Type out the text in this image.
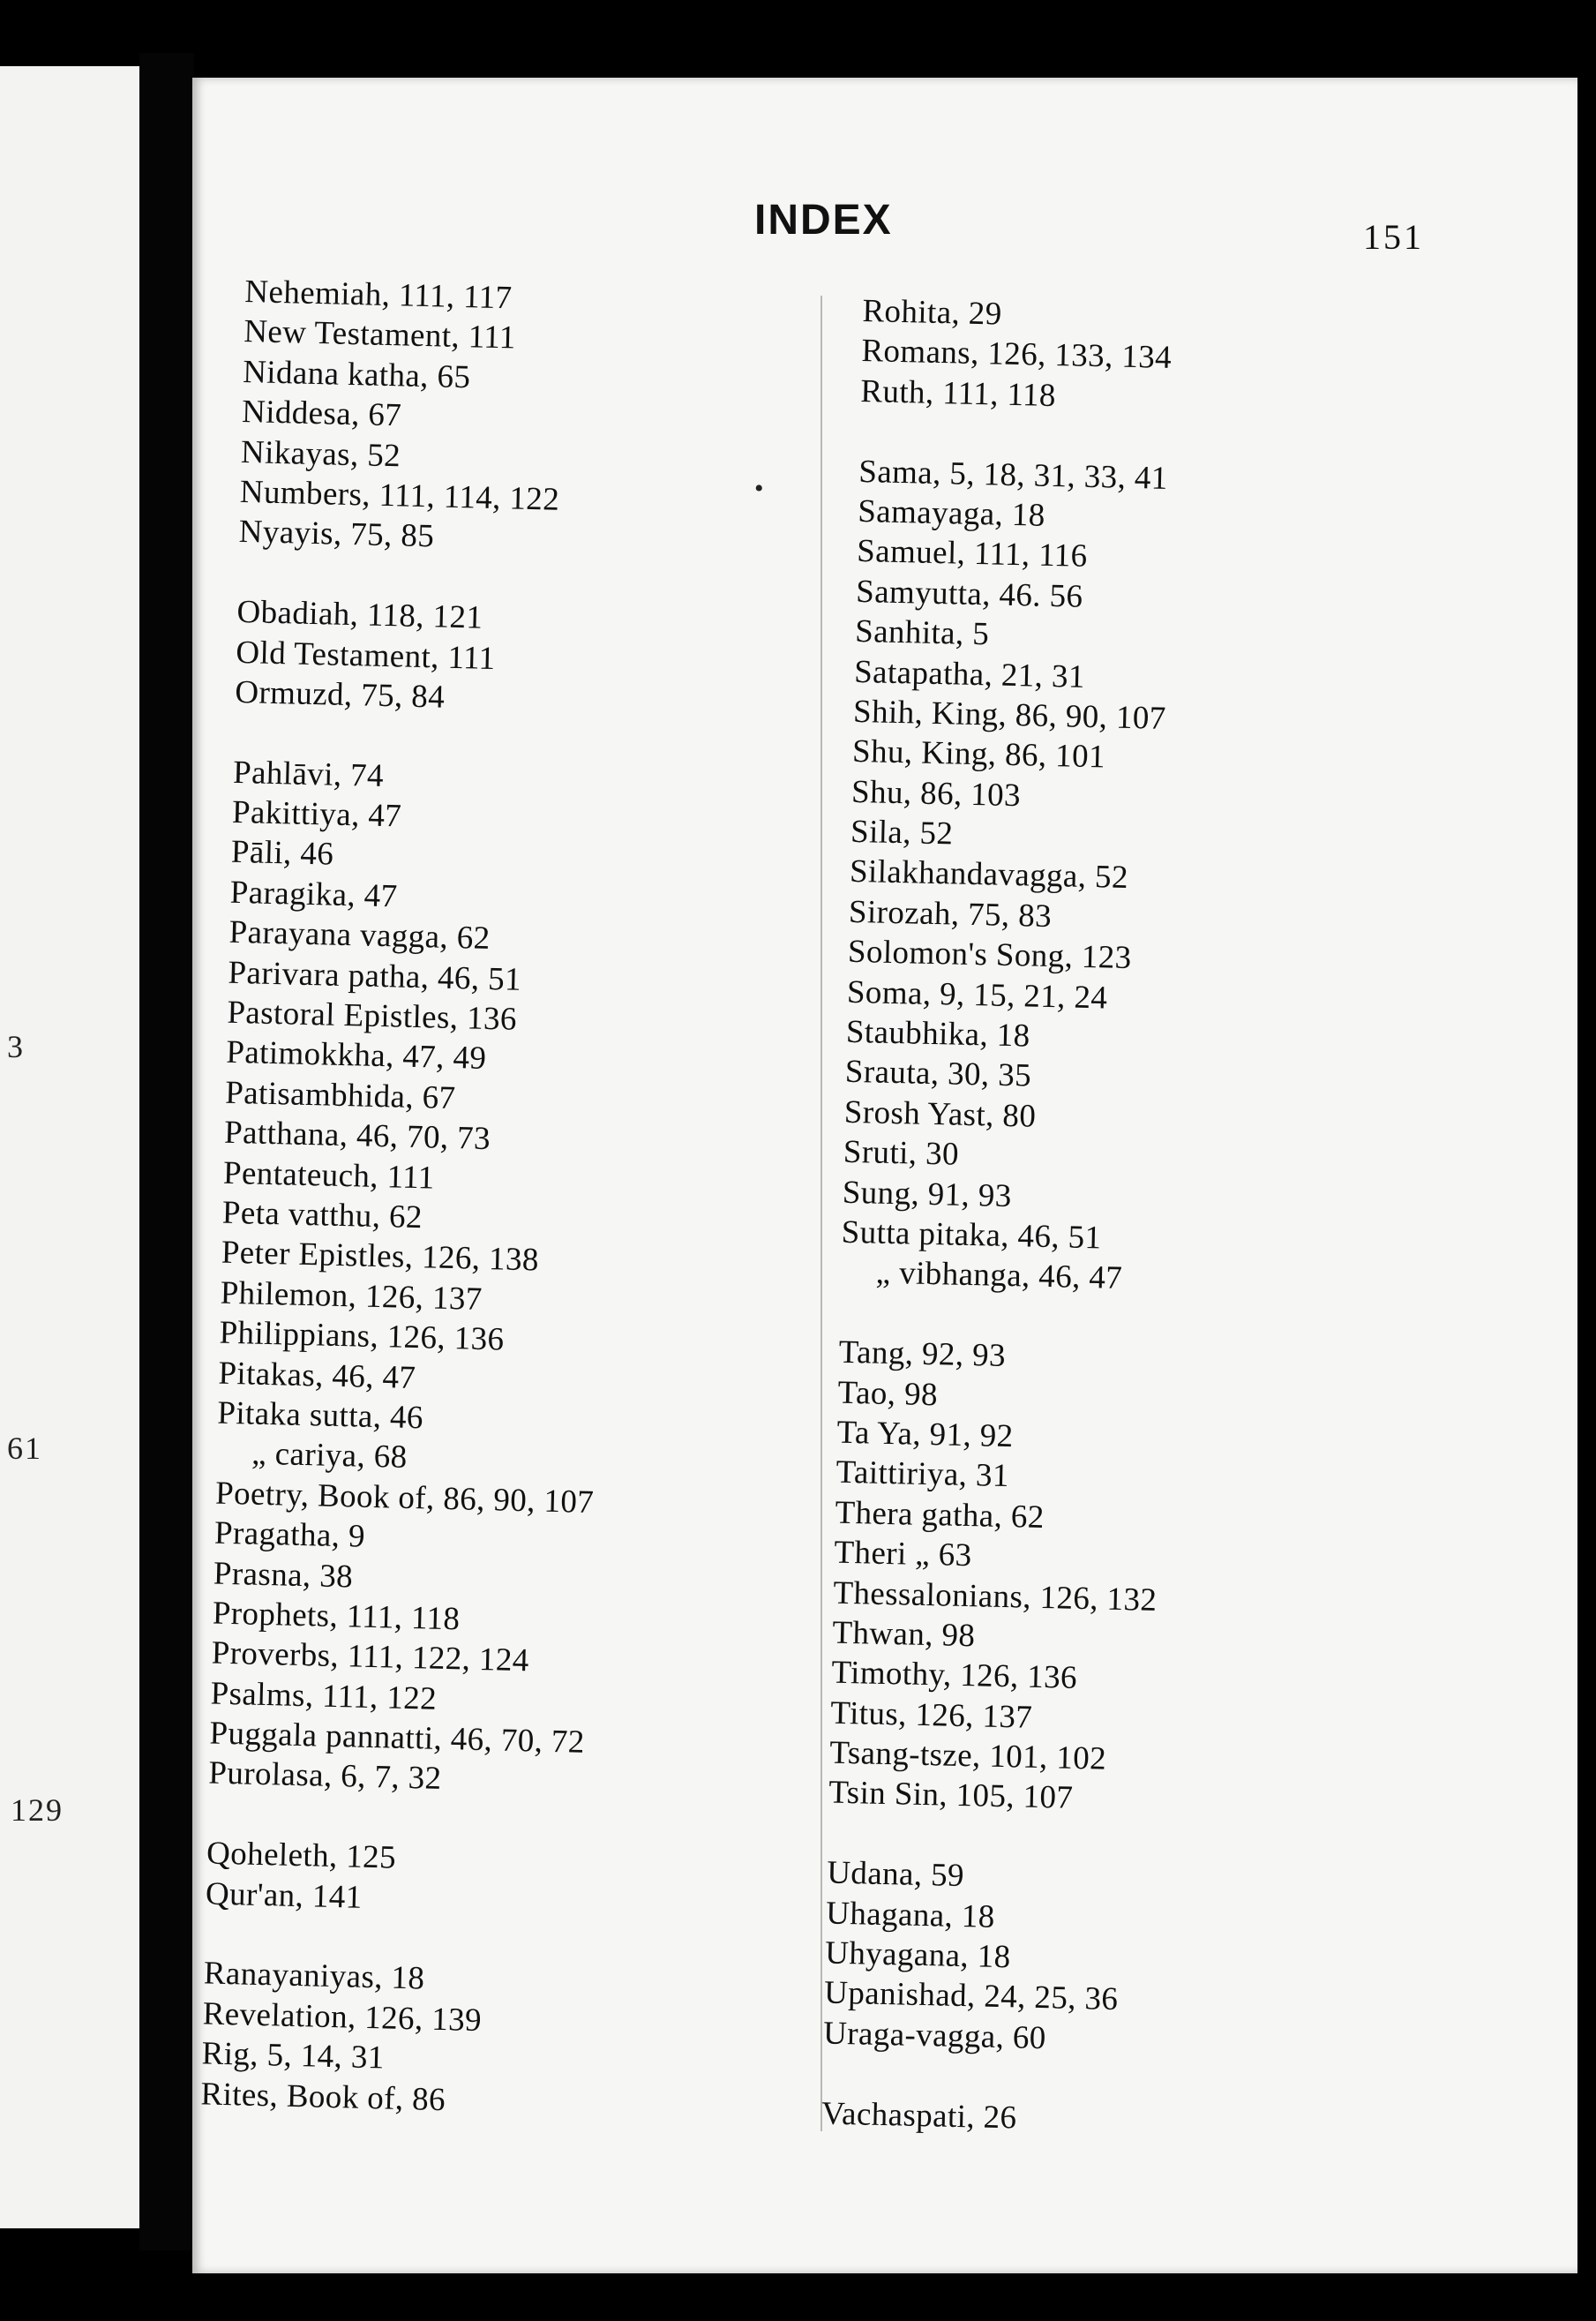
3
61
129
INDEX	151
•
Nehemiah, 111, 117
New Testament, 111
Nidana katha, 65
Niddesa, 67
Nikayas, 52
Numbers, 111, 114, 122
Nyayis, 75, 85
Obadiah, 118, 121
Old Testament, 111
Ormuzd, 75, 84
Pahlāvi, 74
Pakittiya, 47
Pāli, 46
Paragika, 47
Parayana vagga, 62
Parivara patha, 46, 51
Pastoral Epistles, 136
Patimokkha, 47, 49
Patisambhida, 67
Patthana, 46, 70, 73
Pentateuch, 111
Peta vatthu, 62
Peter Epistles, 126, 138
Philemon, 126, 137
Philippians, 126, 136
Pitakas, 46, 47
Pitaka sutta, 46
„ cariya, 68
Poetry, Book of, 86, 90, 107
Pragatha, 9
Prasna, 38
Prophets, 111, 118
Proverbs, 111, 122, 124
Psalms, 111, 122
Puggala pannatti, 46, 70, 72
Purolasa, 6, 7, 32
Qoheleth, 125
Qur'an, 141
Ranayaniyas, 18
Revelation, 126, 139
Rig, 5, 14, 31
Rites, Book of, 86
Rohita, 29
Romans, 126, 133, 134
Ruth, 111, 118
Sama, 5, 18, 31, 33, 41
Samayaga, 18
Samuel, 111, 116
Samyutta, 46. 56
Sanhita, 5
Satapatha, 21, 31
Shih, King, 86, 90, 107
Shu, King, 86, 101
Shu, 86, 103
Sila, 52
Silakhandavagga, 52
Sirozah, 75, 83
Solomon's Song, 123
Soma, 9, 15, 21, 24
Staubhika, 18
Srauta, 30, 35
Srosh Yast, 80
Sruti, 30
Sung, 91, 93
Sutta pitaka, 46, 51
„ vibhanga, 46, 47
Tang, 92, 93
Tao, 98
Ta Ya, 91, 92
Taittiriya, 31
Thera gatha, 62
Theri „ 63
Thessalonians, 126, 132
Thwan, 98
Timothy, 126, 136
Titus, 126, 137
Tsang-tsze, 101, 102
Tsin Sin, 105, 107
Udana, 59
Uhagana, 18
Uhyagana, 18
Upanishad, 24, 25, 36
Uraga-vagga, 60
Vachaspati, 26
